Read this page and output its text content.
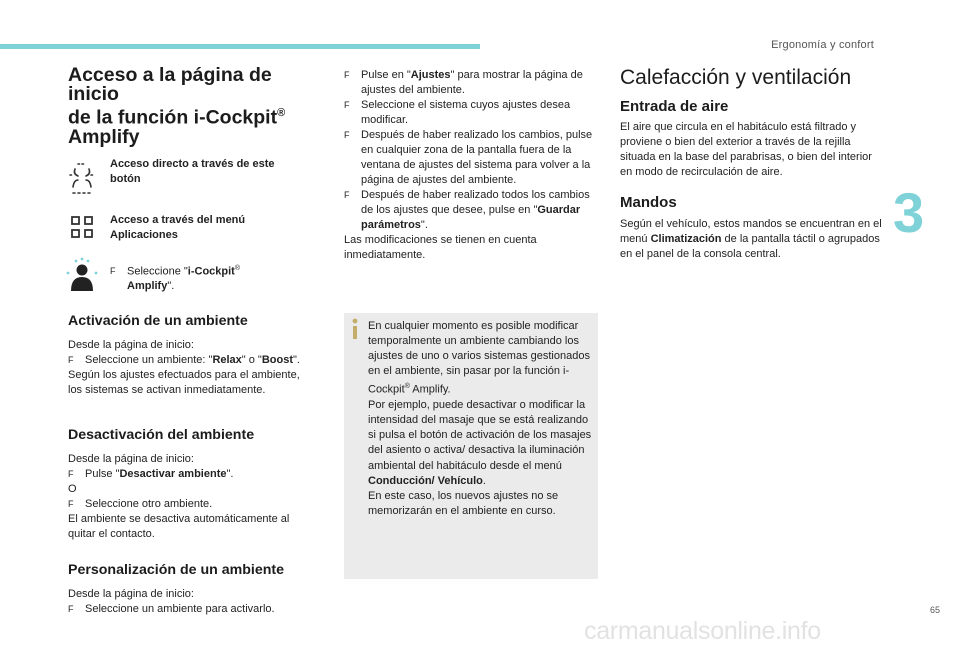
Ergonomía y confort
3
65
carmanualsonline.info
Acceso a la página de inicio
de la función i-Cockpit®
Amplify
Acceso directo a través de este
botón
Acceso a través del menú
Aplicaciones

F Seleccione "i-Cockpit®
Amplify".

Activación de un ambiente

Desde la página de inicio:

F Seleccione un ambiente: "Relax" o "Boost".

Según los ajustes efectuados para el ambiente,

los sistemas se activan inmediatamente.

Desactivación del ambiente

Desde la página de inicio:

F Pulse "Desactivar ambiente".

O

F Seleccione otro ambiente.

El ambiente se desactiva automáticamente al

quitar el contacto.

Personalización de un ambiente

Desde la página de inicio:

F Seleccione un ambiente para activarlo.

F Pulse en "Ajustes" para mostrar la página de ajustes del ambiente.

F Seleccione el sistema cuyos ajustes desea modificar.

F Después de haber realizado los cambios, pulse en cualquier zona de la pantalla fuera de la ventana de ajustes del sistema para volver a la página de ajustes del ambiente.

F Después de haber realizado todos los cambios de los ajustes que desee, pulse en "Guardar parámetros".

Las modificaciones se tienen en cuenta inmediatamente.

En cualquier momento es posible modificar temporalmente un ambiente cambiando los ajustes de uno o varios sistemas gestionados en el ambiente, sin pasar por la función i-Cockpit® Amplify.

Por ejemplo, puede desactivar o modificar la intensidad del masaje que se está realizando si pulsa el botón de activación de los masajes del asiento o activa/ desactiva la iluminación ambiental del habitáculo desde el menú Conducción/ Vehículo.

En este caso, los nuevos ajustes no se memorizarán en el ambiente en curso.

Calefacción y ventilación
Entrada de aire

El aire que circula en el habitáculo está filtrado y proviene o bien del exterior a través de la rejilla situada en la base del parabrisas, o bien del interior en modo de recirculación de aire.

Mandos

Según el vehículo, estos mandos se encuentran en el menú Climatización de la pantalla táctil o agrupados en el panel de la consola central.
